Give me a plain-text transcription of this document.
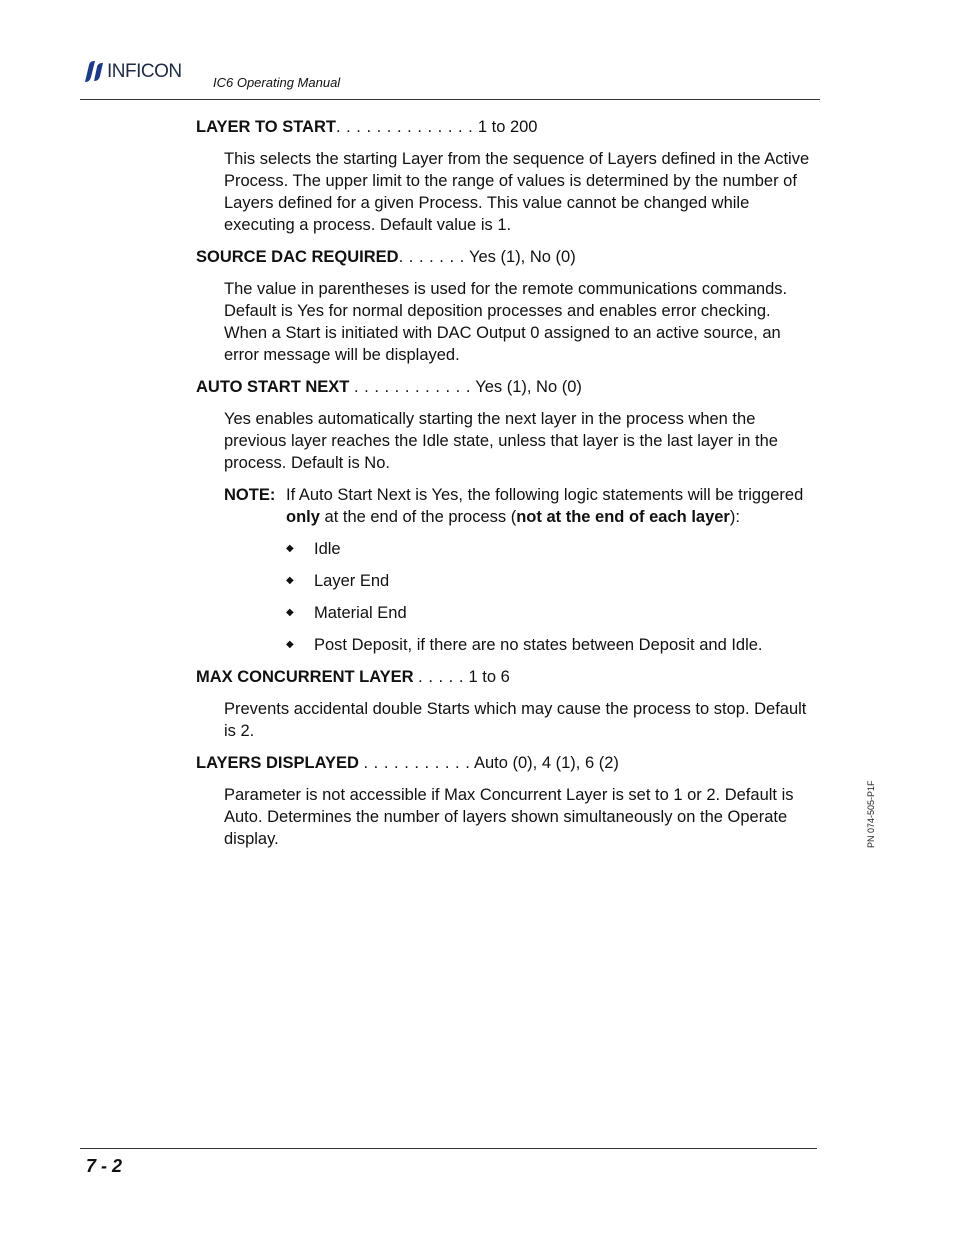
INFICON
IC6 Operating Manual
LAYER TO START. . . . . . . . . . . . . . 1 to 200
This selects the starting Layer from the sequence of Layers defined in the Active Process. The upper limit to the range of values is determined by the number of Layers defined for a given Process. This value cannot be changed while executing a process. Default value is 1.
SOURCE DAC REQUIRED. . . . . . . Yes (1), No (0)
The value in parentheses is used for the remote communications commands. Default is Yes for normal deposition processes and enables error checking. When a Start is initiated with DAC Output 0 assigned to an active source, an error message will be displayed.
AUTO START NEXT . . . . . . . . . . . . Yes (1), No (0)
Yes enables automatically starting the next layer in the process when the previous layer reaches the Idle state, unless that layer is the last layer in the process. Default is No.
NOTE: If Auto Start Next is Yes, the following logic statements will be triggered only at the end of the process (not at the end of each layer):
◆ Idle
◆ Layer End
◆ Material End
◆ Post Deposit, if there are no states between Deposit and Idle.
MAX CONCURRENT LAYER . . . . . 1 to 6
Prevents accidental double Starts which may cause the process to stop. Default is 2.
LAYERS DISPLAYED . . . . . . . . . . . Auto (0), 4 (1), 6 (2)
Parameter is not accessible if Max Concurrent Layer is set to 1 or 2. Default is Auto. Determines the number of layers shown simultaneously on the Operate display.	PN 074-505-P1F
7 - 2
